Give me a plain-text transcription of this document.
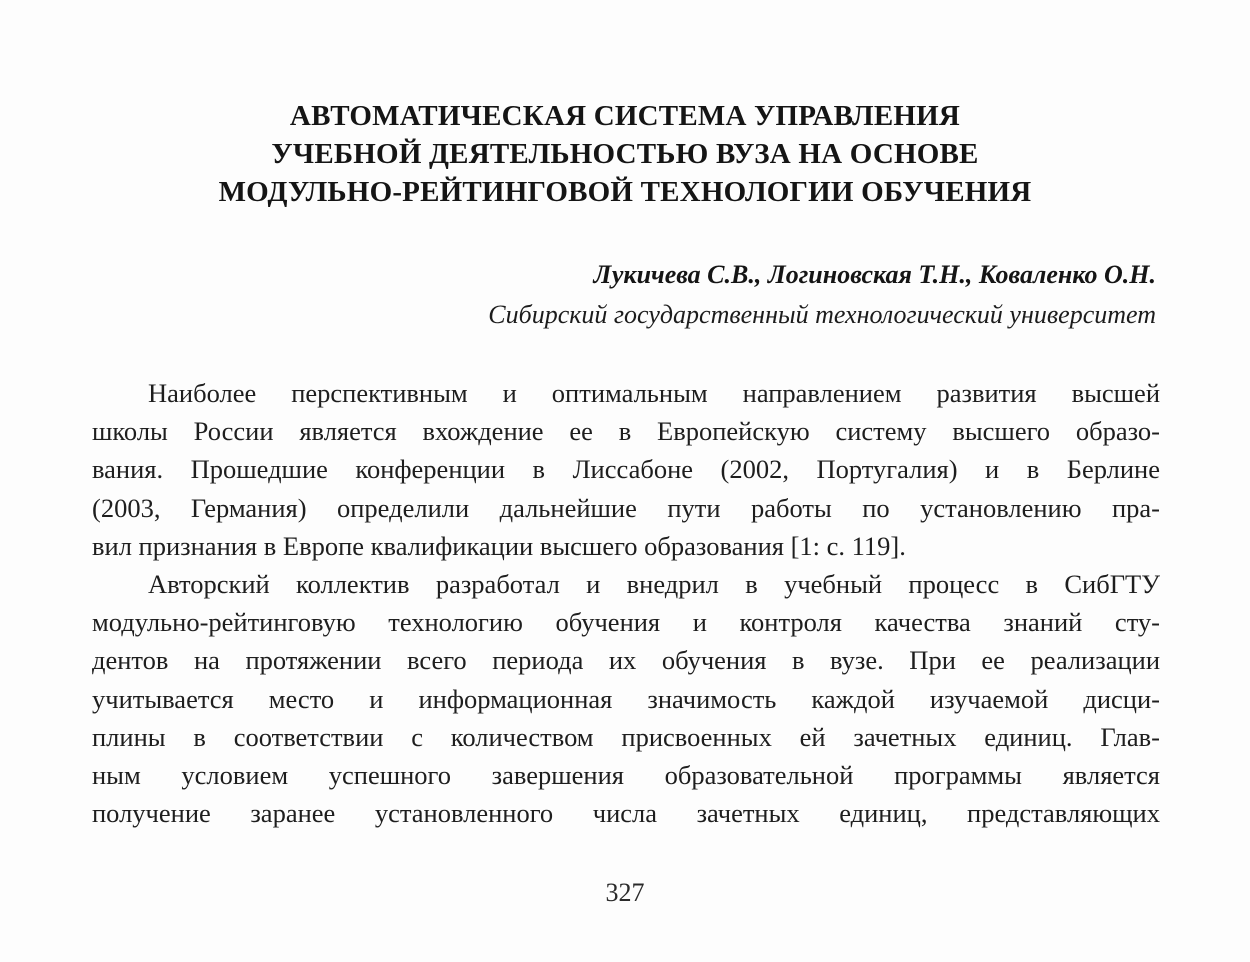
АВТОМАТИЧЕСКАЯ СИСТЕМА УПРАВЛЕНИЯ
УЧЕБНОЙ ДЕЯТЕЛЬНОСТЬЮ ВУЗА НА ОСНОВЕ
МОДУЛЬНО-РЕЙТИНГОВОЙ ТЕХНОЛОГИИ ОБУЧЕНИЯ

Лукичева С.В., Логиновская Т.Н., Коваленко О.Н.

Сибирский государственный технологический университет

Наиболее перспективным и оптимальным направлением развития высшей
школы России является вхождение ее в Европейскую систему высшего образо-
вания. Прошедшие конференции в Лиссабоне (2002, Португалия) и в Берлине
(2003, Германия) определили дальнейшие пути работы по установлению пра-
вил признания в Европе квалификации высшего образования [1: с. 119].

Авторский коллектив разработал и внедрил в учебный процесс в СибГТУ
модульно-рейтинговую технологию обучения и контроля качества знаний сту-
дентов на протяжении всего периода их обучения в вузе. При ее реализации
учитывается место и информационная значимость каждой изучаемой дисци-
плины в соответствии с количеством присвоенных ей зачетных единиц. Глав-
ным условием успешного завершения образовательной программы является
получение заранее установленного числа зачетных единиц, представляющих

327
